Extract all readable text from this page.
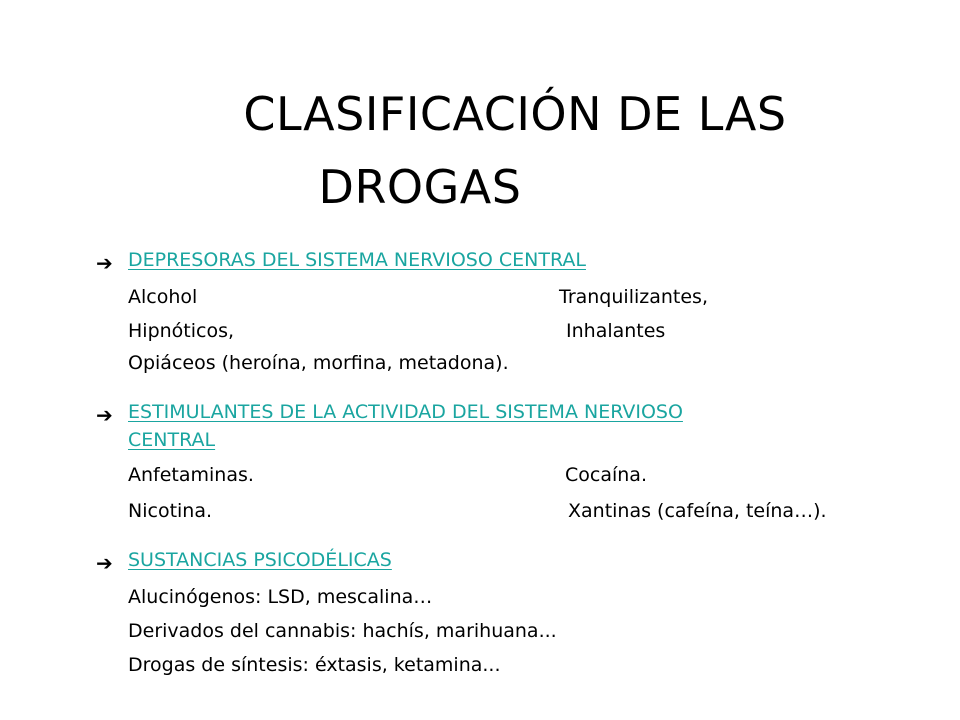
CLASIFICACIÓN DE LAS
DROGAS
➔ DEPRESORAS DEL SISTEMA NERVIOSO CENTRAL
Alcohol	Tranquilizantes,
Hipnóticos,	Inhalantes
Opiáceos (heroína, morfina, metadona).
➔ ESTIMULANTES DE LA ACTIVIDAD DEL SISTEMA NERVIOSO
CENTRAL
Anfetaminas.	Cocaína.
Nicotina.	Xantinas (cafeína, teína…).
➔ SUSTANCIAS PSICODÉLICAS
Alucinógenos: LSD, mescalina…
Derivados del cannabis: hachís, marihuana...
Drogas de síntesis: éxtasis, ketamina...
